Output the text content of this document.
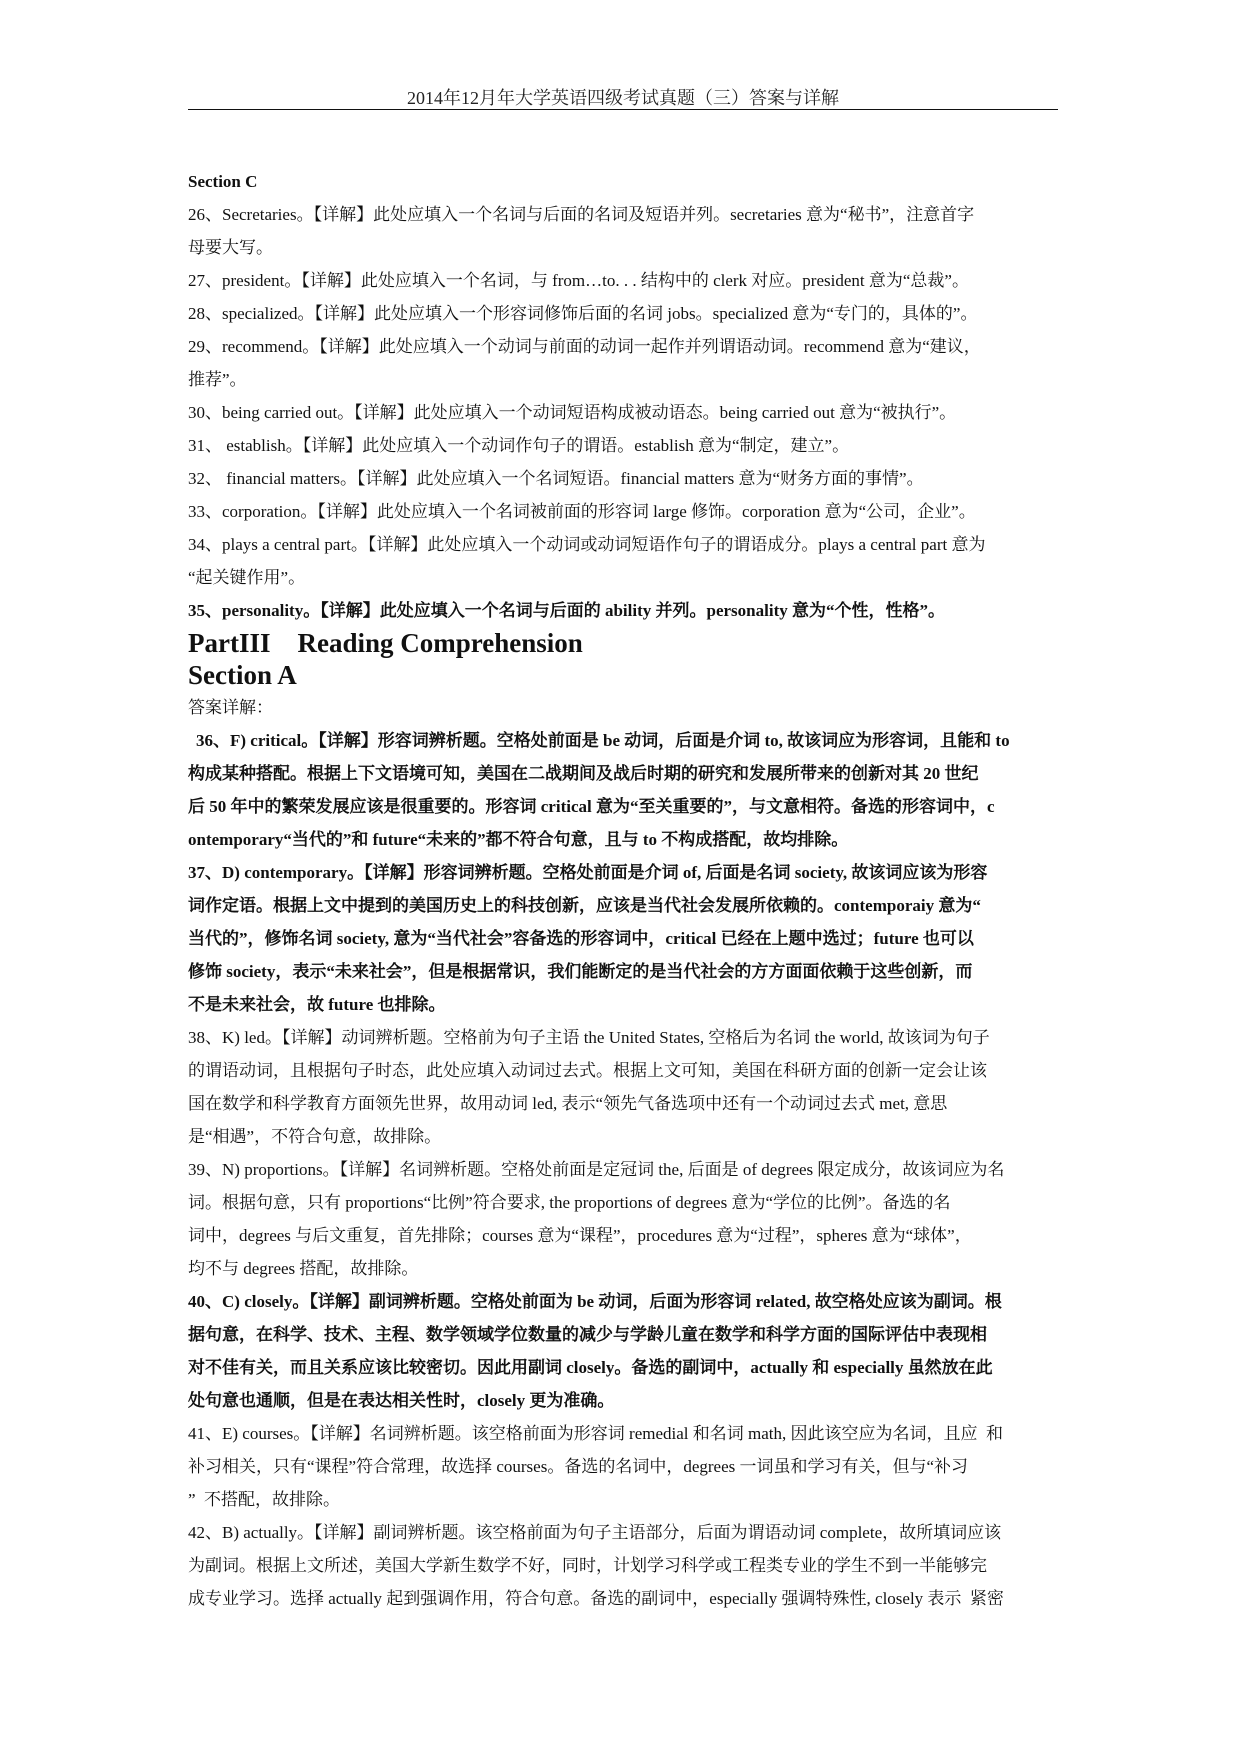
2014年12月年大学英语四级考试真题（三）答案与详解
Section C
26、Secretaries。【详解】此处应填入一个名词与后面的名词及短语并列。secretaries 意为“秘书”，注意首字
母要大写。
27、president。【详解】此处应填入一个名词，与 from…to. . . 结构中的 clerk 对应。president 意为“总裁”。
28、specialized。【详解】此处应填入一个形容词修饰后面的名词 jobs。specialized 意为“专门的，具体的”。
29、recommend。【详解】此处应填入一个动词与前面的动词一起作并列谓语动词。recommend 意为“建议，
推荐”。
30、being carried out。【详解】此处应填入一个动词短语构成被动语态。being carried out 意为“被执行”。
31、 establish。【详解】此处应填入一个动词作句子的谓语。establish 意为“制定，建立”。
32、 financial matters。【详解】此处应填入一个名词短语。financial matters 意为“财务方面的事情”。
33、corporation。【详解】此处应填入一个名词被前面的形容词 large 修饰。corporation 意为“公司，企业”。
34、plays a central part。【详解】此处应填入一个动词或动词短语作句子的谓语成分。plays a central part 意为
“起关键作用”。
35、personality。【详解】此处应填入一个名词与后面的 ability 并列。personality 意为“个性，性格”。
PartIII    Reading Comprehension
Section A
答案详解：
36、F) critical。【详解】形容词辨析题。空格处前面是 be 动词，后面是介词 to, 故该词应为形容词，且能和 to
构成某种搭配。根据上下文语境可知，美国在二战期间及战后时期的研究和发展所带来的创新对其 20 世纪
后 50 年中的繁荣发展应该是很重要的。形容词 critical 意为“至关重要的”，与文意相符。备选的形容词中，c
ontemporary“当代的”和 future“未来的”都不符合句意，且与 to 不构成搭配，故均排除。
37、D) contemporary。【详解】形容词辨析题。空格处前面是介词 of, 后面是名词 society, 故该词应该为形容
词作定语。根据上文中提到的美国历史上的科技创新，应该是当代社会发展所依赖的。contemporaiy 意为“
当代的”，修饰名词 society, 意为“当代社会”容备选的形容词中，critical 已经在上题中选过；future 也可以
修饰 society，表示“未来社会”，但是根据常识，我们能断定的是当代社会的方方面面依赖于这些创新，而
不是未来社会，故 future 也排除。
38、K) led。【详解】动词辨析题。空格前为句子主语 the United States, 空格后为名词 the world, 故该词为句子
的谓语动词，且根据句子时态，此处应填入动词过去式。根据上文可知，美国在科研方面的创新一定会让该
国在数学和科学教育方面领先世界，故用动词 led, 表示“领先气备选项中还有一个动词过去式 met, 意思
是“相遇”，不符合句意，故排除。
39、N) proportions。【详解】名词辨析题。空格处前面是定冠词 the, 后面是 of degrees 限定成分，故该词应为名
词。根据句意，只有 proportions“比例”符合要求, the proportions of degrees 意为“学位的比例”。备选的名
词中，degrees 与后文重复，首先排除；courses 意为“课程”，procedures 意为“过程”，spheres 意为“球体”，
均不与 degrees 搭配，故排除。
40、C) closely。【详解】副词辨析题。空格处前面为 be 动词，后面为形容词 related, 故空格处应该为副词。根
据句意，在科学、技术、主程、数学领域学位数量的减少与学龄儿童在数学和科学方面的国际评估中表现相
对不佳有关，而且关系应该比较密切。因此用副词 closely。备选的副词中，actually 和 especially 虽然放在此
处句意也通顺，但是在表达相关性时，closely 更为准确。
41、E) courses。【详解】名词辨析题。该空格前面为形容词 remedial 和名词 math, 因此该空应为名词，且应  和
补习相关，只有“课程”符合常理，故选择 courses。备选的名词中，degrees 一词虽和学习有关，但与“补习
”  不搭配，故排除。
42、B) actually。【详解】副词辨析题。该空格前面为句子主语部分，后面为谓语动词 complete，故所填词应该
为副词。根据上文所述，美国大学新生数学不好，同时，计划学习科学或工程类专业的学生不到一半能够完
成专业学习。选择 actually 起到强调作用，符合句意。备选的副词中，especially 强调特殊性, closely 表示  紧密
